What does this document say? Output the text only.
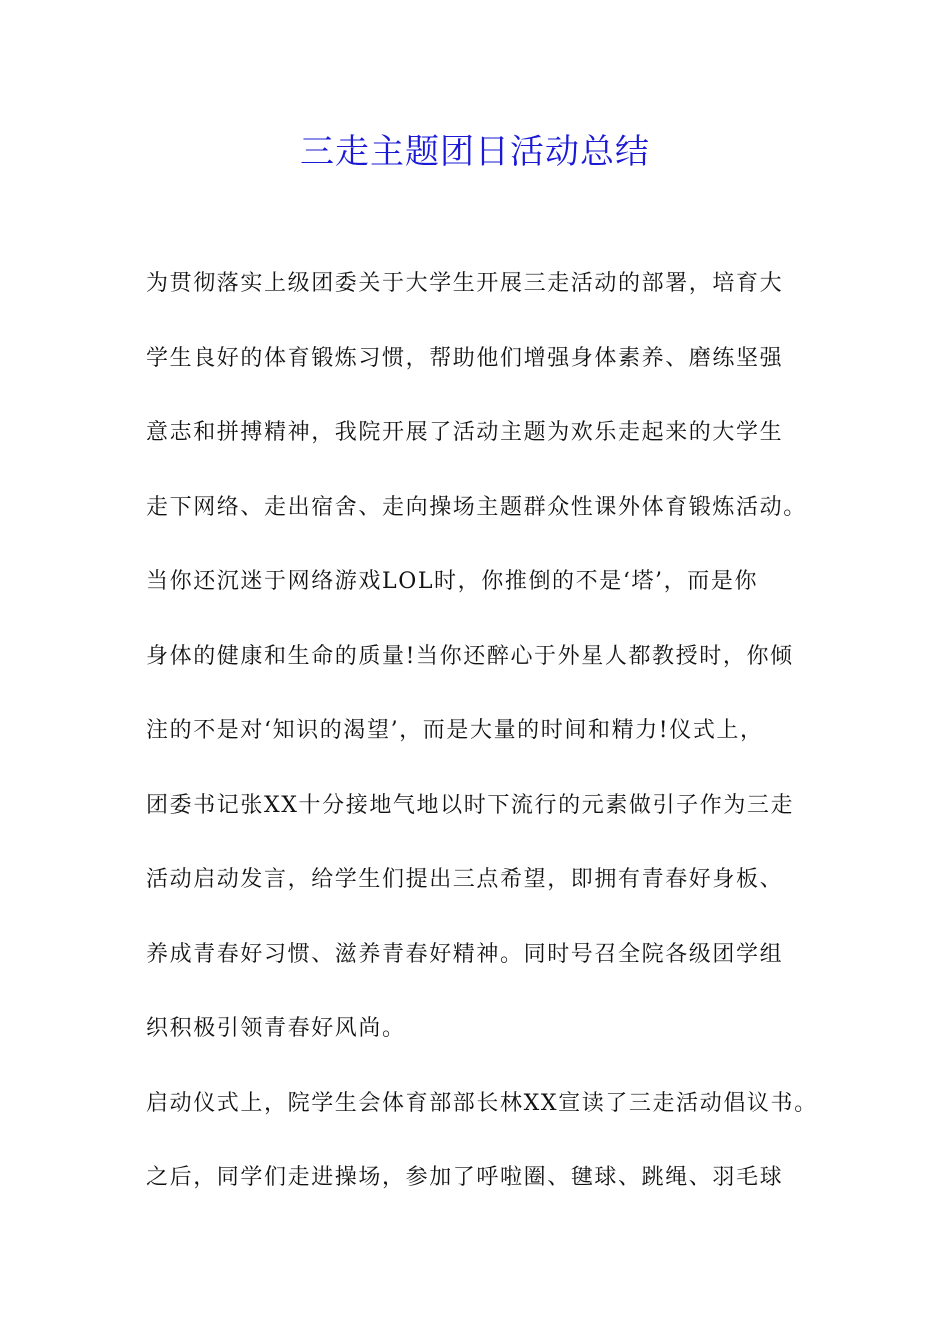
三走主题团日活动总结
为贯彻落实上级团委关于大学生开展三走活动的部署，培育大
学生良好的体育锻炼习惯，帮助他们增强身体素养、磨练坚强
意志和拼搏精神，我院开展了活动主题为欢乐走起来的大学生
走下网络、走出宿舍、走向操场主题群众性课外体育锻炼活动。
当你还沉迷于网络游戏LOL时，你推倒的不是‘塔’，而是你
身体的健康和生命的质量!当你还醉心于外星人都教授时，你倾
注的不是对‘知识的渴望’，而是大量的时间和精力!仪式上，
团委书记张XX十分接地气地以时下流行的元素做引子作为三走
活动启动发言，给学生们提出三点希望，即拥有青春好身板、
养成青春好习惯、滋养青春好精神。同时号召全院各级团学组
织积极引领青春好风尚。
启动仪式上，院学生会体育部部长林XX宣读了三走活动倡议书。
之后，同学们走进操场，参加了呼啦圈、毽球、跳绳、羽毛球
